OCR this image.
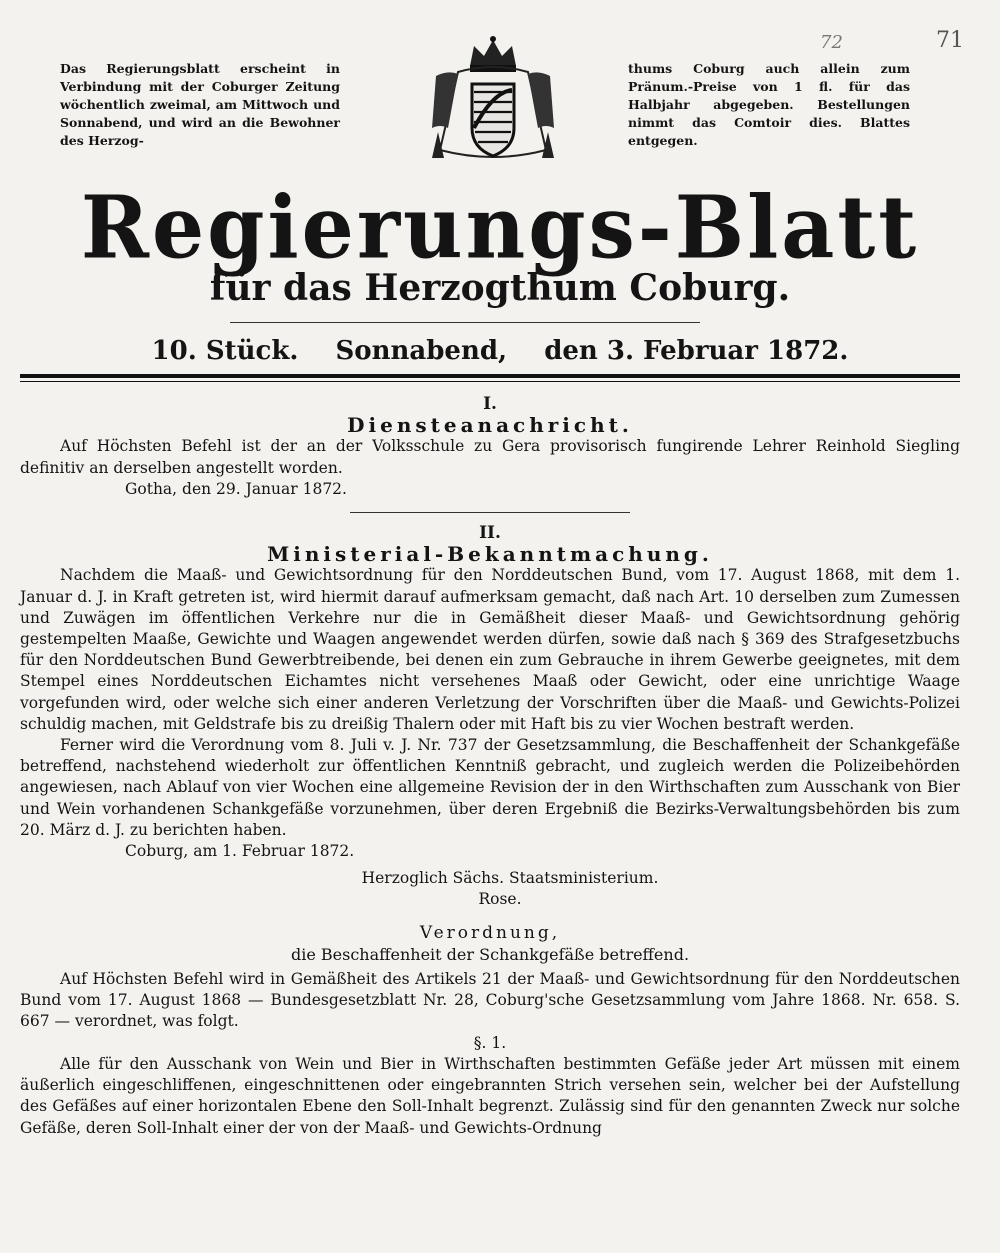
72	71
Das Regierungsblatt erscheint in Verbindung mit der Coburger Zeitung wöchentlich zweimal, am Mittwoch und Sonnabend, und wird an die Bewohner des Herzog-
thums Coburg auch allein zum Pränum.-Preise von 1 fl. für das Halbjahr abgegeben. Bestellungen nimmt das Comtoir dies. Blattes entgegen.
Regierungs-Blatt
für das Herzogthum Coburg.
10. Stück. Sonnabend, den 3. Februar 1872.

I.

Diensteanachricht.

Auf Höchsten Befehl ist der an der Volksschule zu Gera provisorisch fungirende Lehrer Reinhold Siegling definitiv an derselben angestellt worden.

Gotha, den 29. Januar 1872.

II.

Ministerial-Bekanntmachung.

Nachdem die Maaß- und Gewichtsordnung für den Norddeutschen Bund, vom 17. August 1868, mit dem 1. Januar d. J. in Kraft getreten ist, wird hiermit darauf aufmerksam gemacht, daß nach Art. 10 derselben zum Zumessen und Zuwägen im öffentlichen Verkehre nur die in Gemäßheit dieser Maaß- und Gewichtsordnung gehörig gestempelten Maaße, Gewichte und Waagen angewendet werden dürfen, sowie daß nach § 369 des Strafgesetzbuchs für den Norddeutschen Bund Gewerbtreibende, bei denen ein zum Gebrauche in ihrem Gewerbe geeignetes, mit dem Stempel eines Norddeutschen Eichamtes nicht versehenes Maaß oder Gewicht, oder eine unrichtige Waage vorgefunden wird, oder welche sich einer anderen Verletzung der Vorschriften über die Maaß- und Gewichts-Polizei schuldig machen, mit Geldstrafe bis zu dreißig Thalern oder mit Haft bis zu vier Wochen bestraft werden.

Ferner wird die Verordnung vom 8. Juli v. J. Nr. 737 der Gesetzsammlung, die Beschaffenheit der Schankgefäße betreffend, nachstehend wiederholt zur öffentlichen Kenntniß gebracht, und zugleich werden die Polizeibehörden angewiesen, nach Ablauf von vier Wochen eine allgemeine Revision der in den Wirthschaften zum Ausschank von Bier und Wein vorhandenen Schankgefäße vorzunehmen, über deren Ergebniß die Bezirks-Verwaltungsbehörden bis zum 20. März d. J. zu berichten haben.

Coburg, am 1. Februar 1872.

Herzoglich Sächs. Staatsministerium.

Rose.

Verordnung,

die Beschaffenheit der Schankgefäße betreffend.

Auf Höchsten Befehl wird in Gemäßheit des Artikels 21 der Maaß- und Gewichtsordnung für den Norddeutschen Bund vom 17. August 1868 — Bundesgesetzblatt Nr. 28, Coburg'sche Gesetzsammlung vom Jahre 1868. Nr. 658. S. 667 — verordnet, was folgt.

§. 1.

Alle für den Ausschank von Wein und Bier in Wirthschaften bestimmten Gefäße jeder Art müssen mit einem äußerlich eingeschliffenen, eingeschnittenen oder eingebrannten Strich versehen sein, welcher bei der Aufstellung des Gefäßes auf einer horizontalen Ebene den Soll-Inhalt begrenzt. Zulässig sind für den genannten Zweck nur solche Gefäße, deren Soll-Inhalt einer der von der Maaß- und Gewichts-Ordnung
